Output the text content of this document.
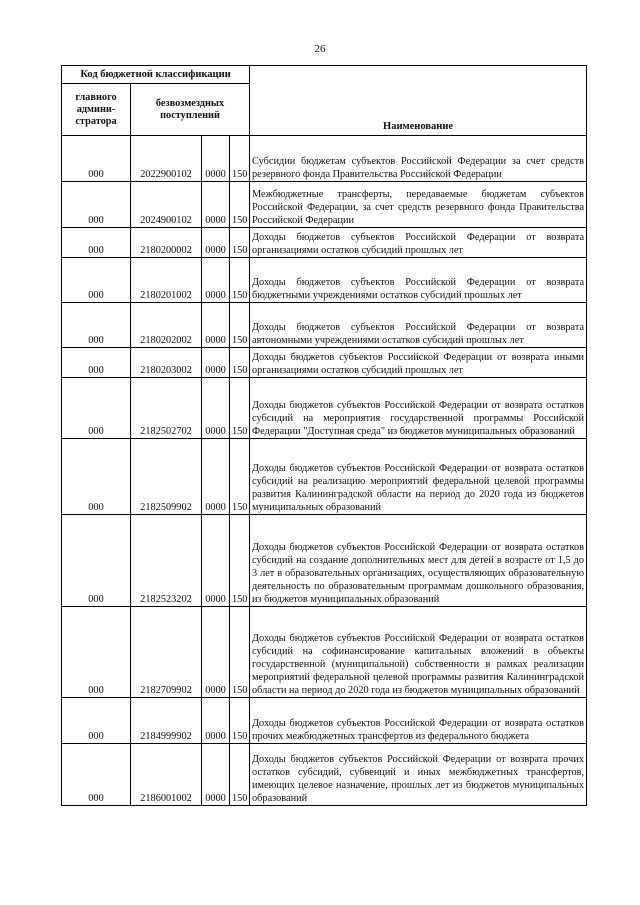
26
Код бюджетной классификации				Наименование
главного админи-стратора	безвозмездных поступлений			
000	2022900102	0000	150	Субсидии бюджетам субъектов Российской Федерации за счет средств резервного фонда Правительства Российской Федерации
000	2024900102	0000	150	Межбюджетные трансферты, передаваемые бюджетам субъектов Российской Федерации, за счет средств резервного фонда Правительства Российской Федерации
000	2180200002	0000	150	Доходы бюджетов субъектов Российской Федерации от возврата организациями остатков субсидий прошлых лет
000	2180201002	0000	150	Доходы бюджетов субъектов Российской Федерации от возврата бюджетными учреждениями остатков субсидий прошлых лет
000	2180202002	0000	150	Доходы бюджетов субъектов Российской Федерации от возврата автономными учреждениями остатков субсидий прошлых лет
000	2180203002	0000	150	Доходы бюджетов субъектов Российской Федерации от возврата иными организациями остатков субсидий прошлых лет
000	2182502702	0000	150	Доходы бюджетов субъектов Российской Федерации от возврата остатков субсидий на мероприятия государственной программы Российской Федерации "Доступная среда" из бюджетов муниципальных образований
000	2182509902	0000	150	Доходы бюджетов субъектов Российской Федерации от возврата остатков субсидий на реализацию мероприятий федеральной целевой программы развития Калининградской области на период до 2020 года из бюджетов муниципальных образований
000	2182523202	0000	150	Доходы бюджетов субъектов Российской Федерации от возврата остатков субсидий на создание дополнительных мест для детей в возрасте от 1,5 до 3 лет в образовательных организациях, осуществляющих образовательную деятельность по образовательным программам дошкольного образования, из бюджетов муниципальных образований
000	2182709902	0000	150	Доходы бюджетов субъектов Российской Федерации от возврата остатков субсидий на софинансирование капитальных вложений в объекты государственной (муниципальной) собственности в рамках реализации мероприятий федеральной целевой программы развития Калининградской области на период до 2020 года из бюджетов муниципальных образований
000	2184999902	0000	150	Доходы бюджетов субъектов Российской Федерации от возврата остатков прочих межбюджетных трансфертов из федерального бюджета
000	2186001002	0000	150	Доходы бюджетов субъектов Российской Федерации от возврата прочих остатков субсидий, субвенций и иных межбюджетных трансфертов, имеющих целевое назначение, прошлых лет из бюджетов муниципальных образований
